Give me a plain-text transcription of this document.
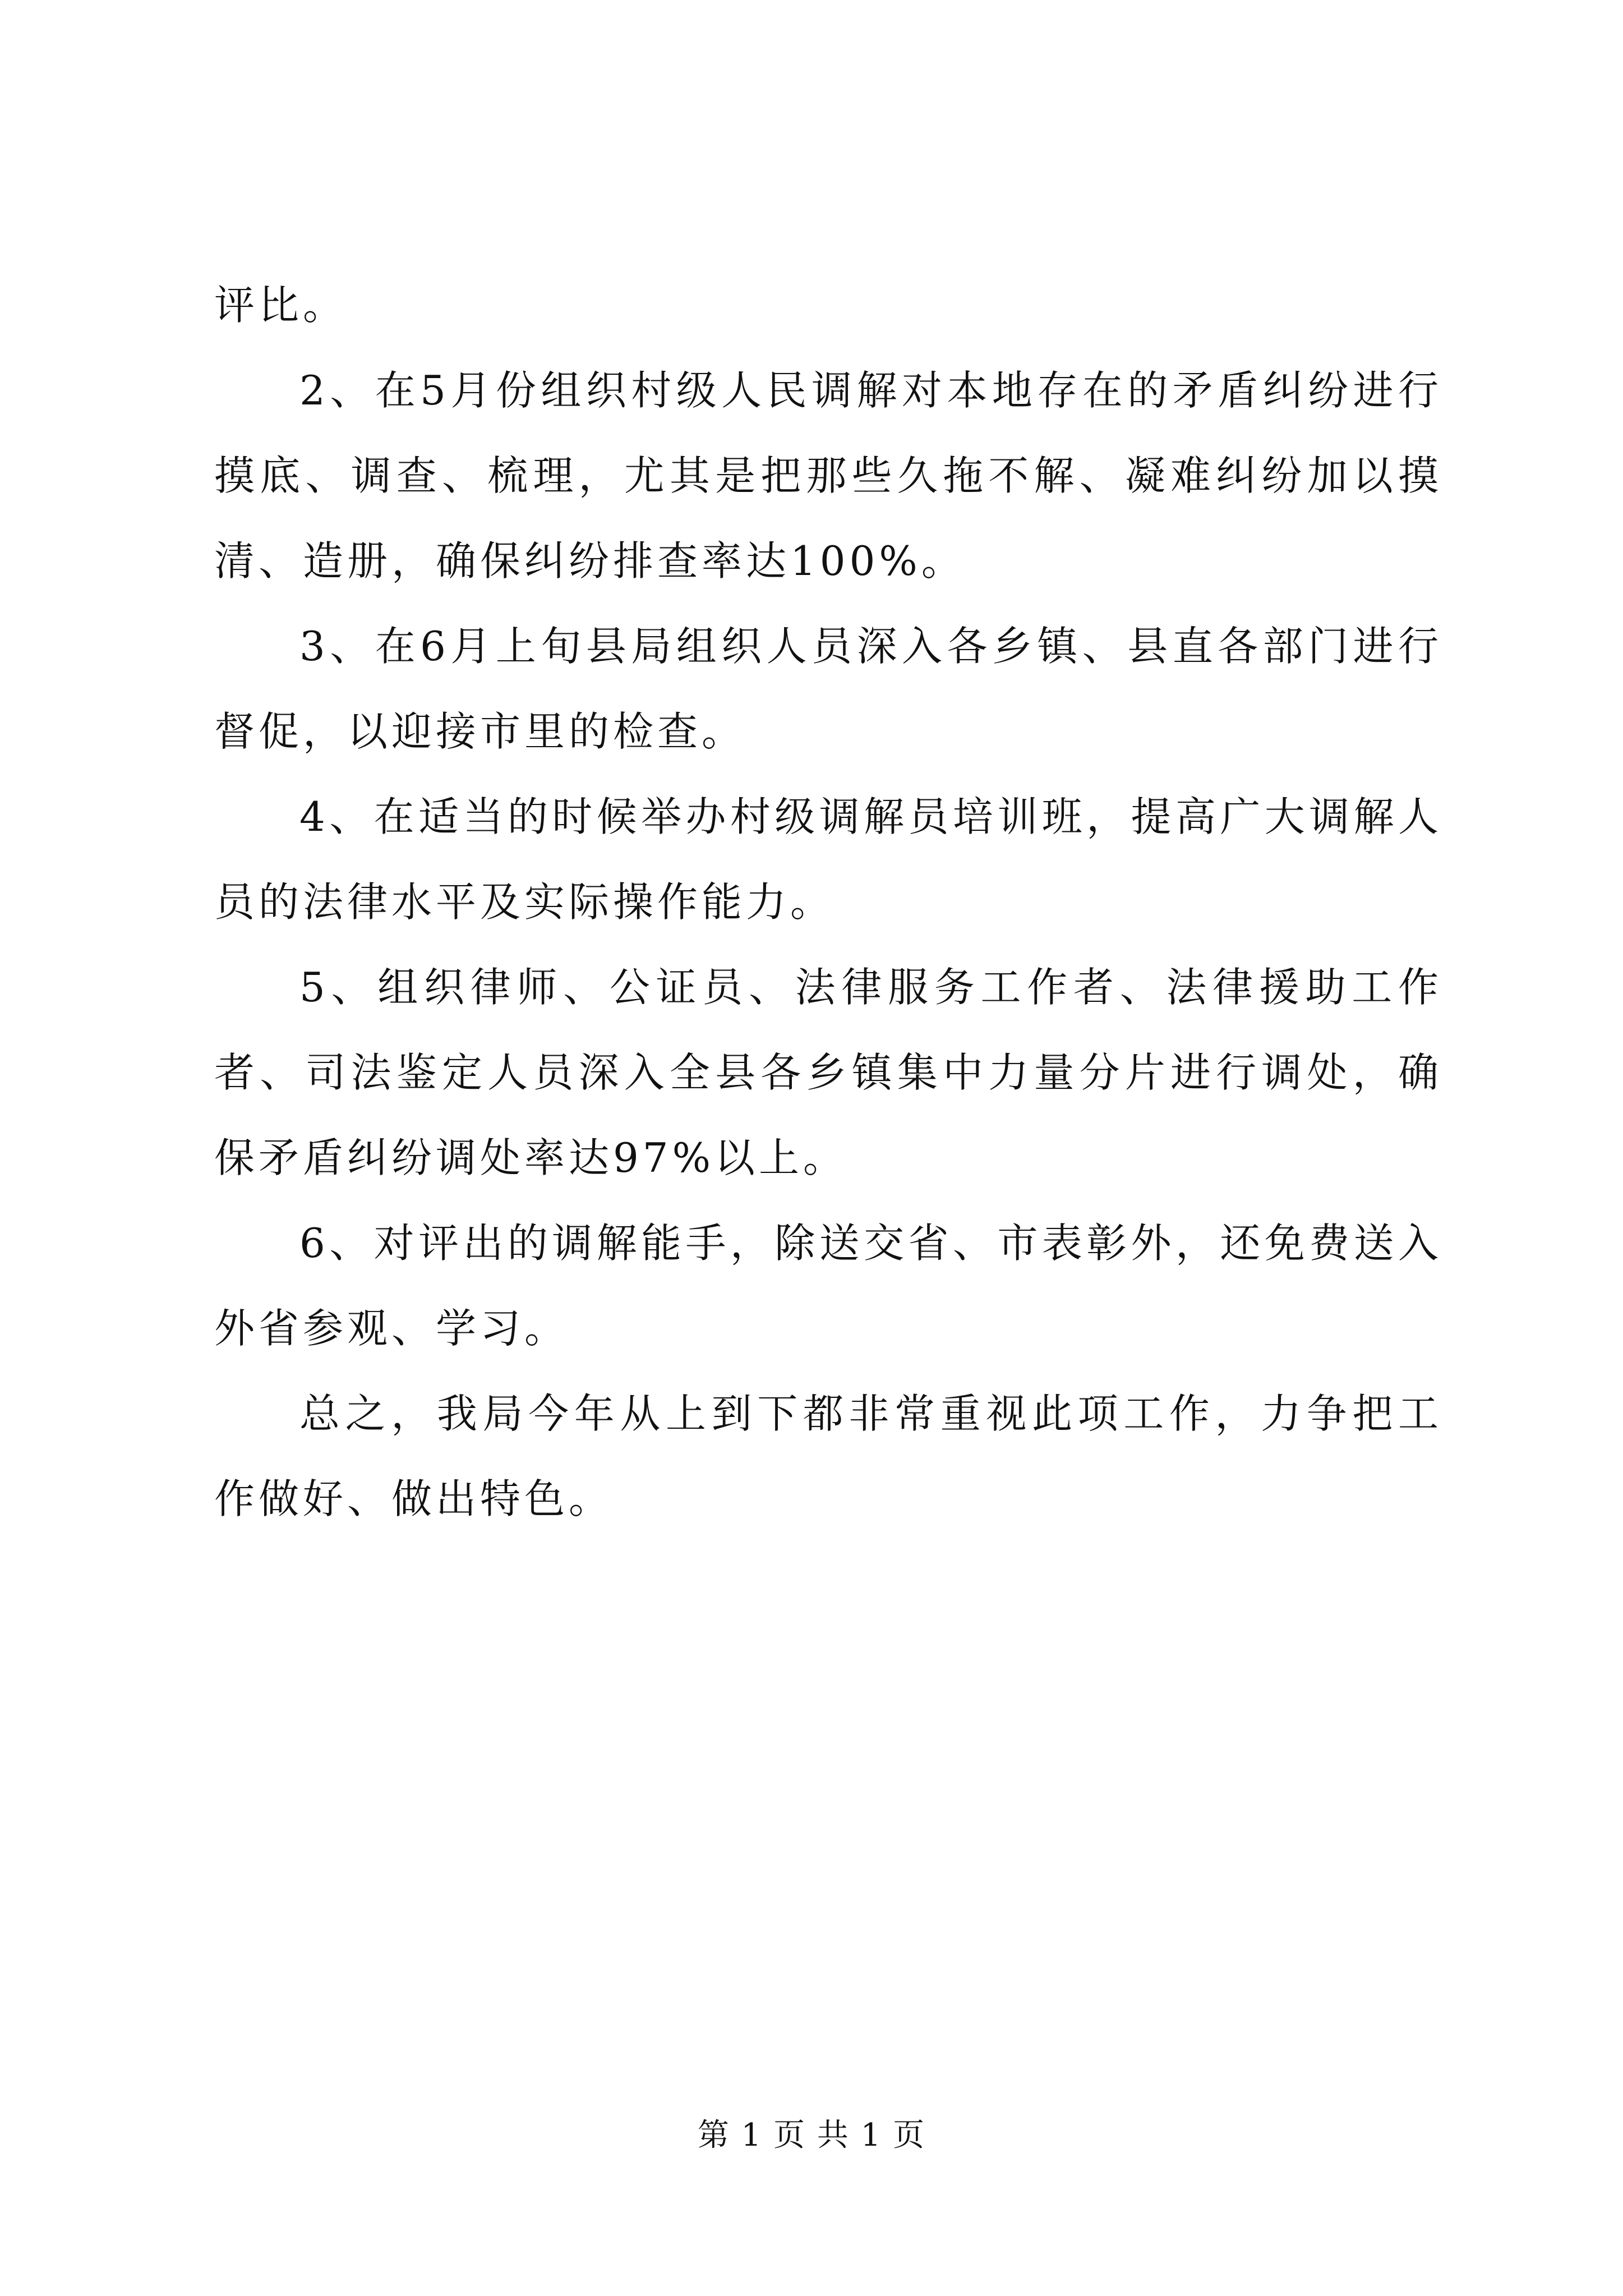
评比。

2、在5月份组织村级人民调解对本地存在的矛盾纠纷进行摸底、调查、梳理，尤其是把那些久拖不解、凝难纠纷加以摸清、造册，确保纠纷排查率达100%。

3、在6月上旬县局组织人员深入各乡镇、县直各部门进行督促，以迎接市里的检查。

4、在适当的时候举办村级调解员培训班，提高广大调解人员的法律水平及实际操作能力。

5、组织律师、公证员、法律服务工作者、法律援助工作者、司法鉴定人员深入全县各乡镇集中力量分片进行调处，确保矛盾纠纷调处率达97%以上。

6、对评出的调解能手，除送交省、市表彰外，还免费送入外省参观、学习。

总之，我局今年从上到下都非常重视此项工作，力争把工作做好、做出特色。

第 1 页 共 1 页
